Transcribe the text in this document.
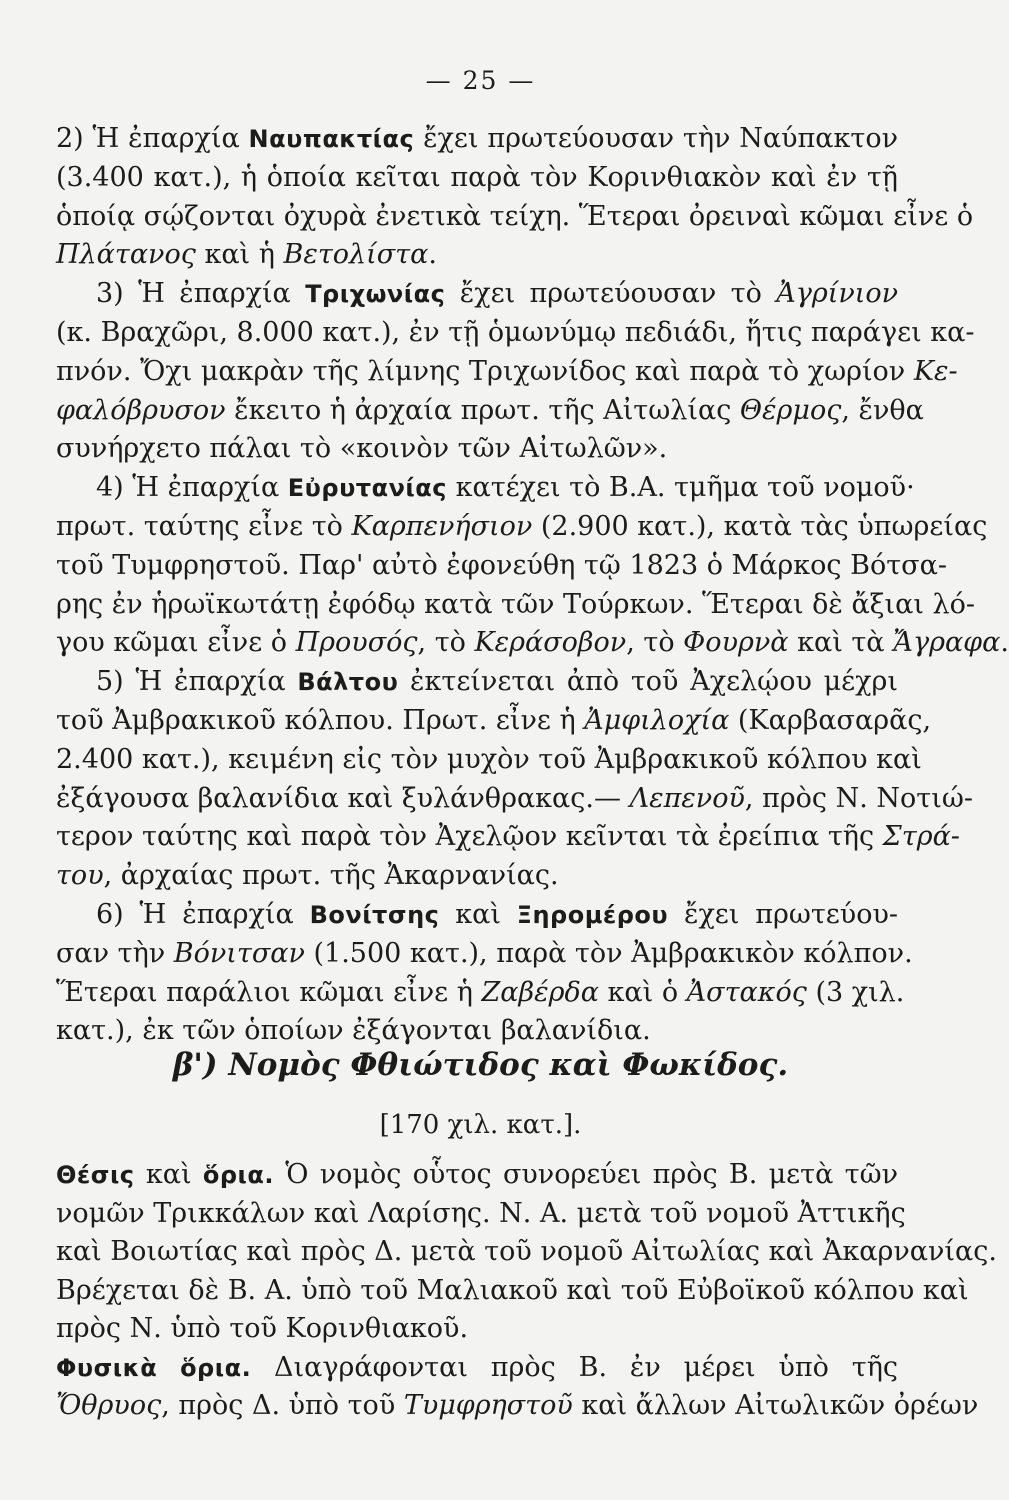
— 25 —
2) Ἡ ἐπαρχία Ναυπακτίας ἔχει πρωτεύουσαν τὴν Ναύπακτον
(3.400 κατ.), ἡ ὁποία κεῖται παρὰ τὸν Κορινθιακὸν καὶ ἐν τῇ
ὁποίᾳ σῴζονται ὀχυρὰ ἐνετικὰ τείχη. Ἕτεραι ὀρειναὶ κῶμαι εἶνε ὁ
Πλάτανος καὶ ἡ Βετολίστα.
3) Ἡ ἐπαρχία Τριχωνίας ἔχει πρωτεύουσαν τὸ Ἀγρίνιον
(κ. Βραχῶρι, 8.000 κατ.), ἐν τῇ ὁμωνύμῳ πεδιάδι, ἥτις παράγει κα-
πνόν. Ὄχι μακρὰν τῆς λίμνης Τριχωνίδος καὶ παρὰ τὸ χωρίον Κε-
φαλόβρυσον ἔκειτο ἡ ἀρχαία πρωτ. τῆς Αἰτωλίας Θέρμος, ἔνθα
συνήρχετο πάλαι τὸ «κοινὸν τῶν Αἰτωλῶν».
4) Ἡ ἐπαρχία Εὐρυτανίας κατέχει τὸ Β.Α. τμῆμα τοῦ νομοῦ·
πρωτ. ταύτης εἶνε τὸ Καρπενήσιον (2.900 κατ.), κατὰ τὰς ὑπωρείας
τοῦ Τυμφρηστοῦ. Παρ' αὐτὸ ἐφονεύθη τῷ 1823 ὁ Μάρκος Βότσα-
ρης ἐν ἡρωϊκωτάτῃ ἐφόδῳ κατὰ τῶν Τούρκων. Ἕτεραι δὲ ἄξιαι λό-
γου κῶμαι εἶνε ὁ Προυσός, τὸ Κεράσοβον, τὸ Φουρνὰ καὶ τὰ Ἄγραφα.
5) Ἡ ἐπαρχία Βάλτου ἐκτείνεται ἀπὸ τοῦ Ἀχελῴου μέχρι
τοῦ Ἀμβρακικοῦ κόλπου. Πρωτ. εἶνε ἡ Ἀμφιλοχία (Καρβασαρᾶς,
2.400 κατ.), κειμένη εἰς τὸν μυχὸν τοῦ Ἀμβρακικοῦ κόλπου καὶ
ἐξάγουσα βαλανίδια καὶ ξυλάνθρακας.— Λεπενοῦ, πρὸς Ν. Νοτιώ-
τερον ταύτης καὶ παρὰ τὸν Ἀχελῷον κεῖνται τὰ ἐρείπια τῆς Στρά-
του, ἀρχαίας πρωτ. τῆς Ἀκαρνανίας.
6) Ἡ ἐπαρχία Βονίτσης καὶ Ξηρομέρου ἔχει πρωτεύου-
σαν τὴν Βόνιτσαν (1.500 κατ.), παρὰ τὸν Ἀμβρακικὸν κόλπον.
Ἕτεραι παράλιοι κῶμαι εἶνε ἡ Ζαβέρδα καὶ ὁ Ἀστακός (3 χιλ.
κατ.), ἐκ τῶν ὁποίων ἐξάγονται βαλανίδια.
β') Νομὸς Φθιώτιδος καὶ Φωκίδος.
[170 χιλ. κατ.].
Θέσις καὶ ὅρια. Ὁ νομὸς οὗτος συνορεύει πρὸς Β. μετὰ τῶν
νομῶν Τρικκάλων καὶ Λαρίσης. Ν. Α. μετὰ τοῦ νομοῦ Ἀττικῆς
καὶ Βοιωτίας καὶ πρὸς Δ. μετὰ τοῦ νομοῦ Αἰτωλίας καὶ Ἀκαρνανίας.
Βρέχεται δὲ Β. Α. ὑπὸ τοῦ Μαλιακοῦ καὶ τοῦ Εὐβοϊκοῦ κόλπου καὶ
πρὸς Ν. ὑπὸ τοῦ Κορινθιακοῦ.
Φυσικὰ ὅρια. Διαγράφονται πρὸς Β. ἐν μέρει ὑπὸ τῆς
Ὄθρυος, πρὸς Δ. ὑπὸ τοῦ Τυμφρηστοῦ καὶ ἄλλων Αἰτωλικῶν ὀρέων
